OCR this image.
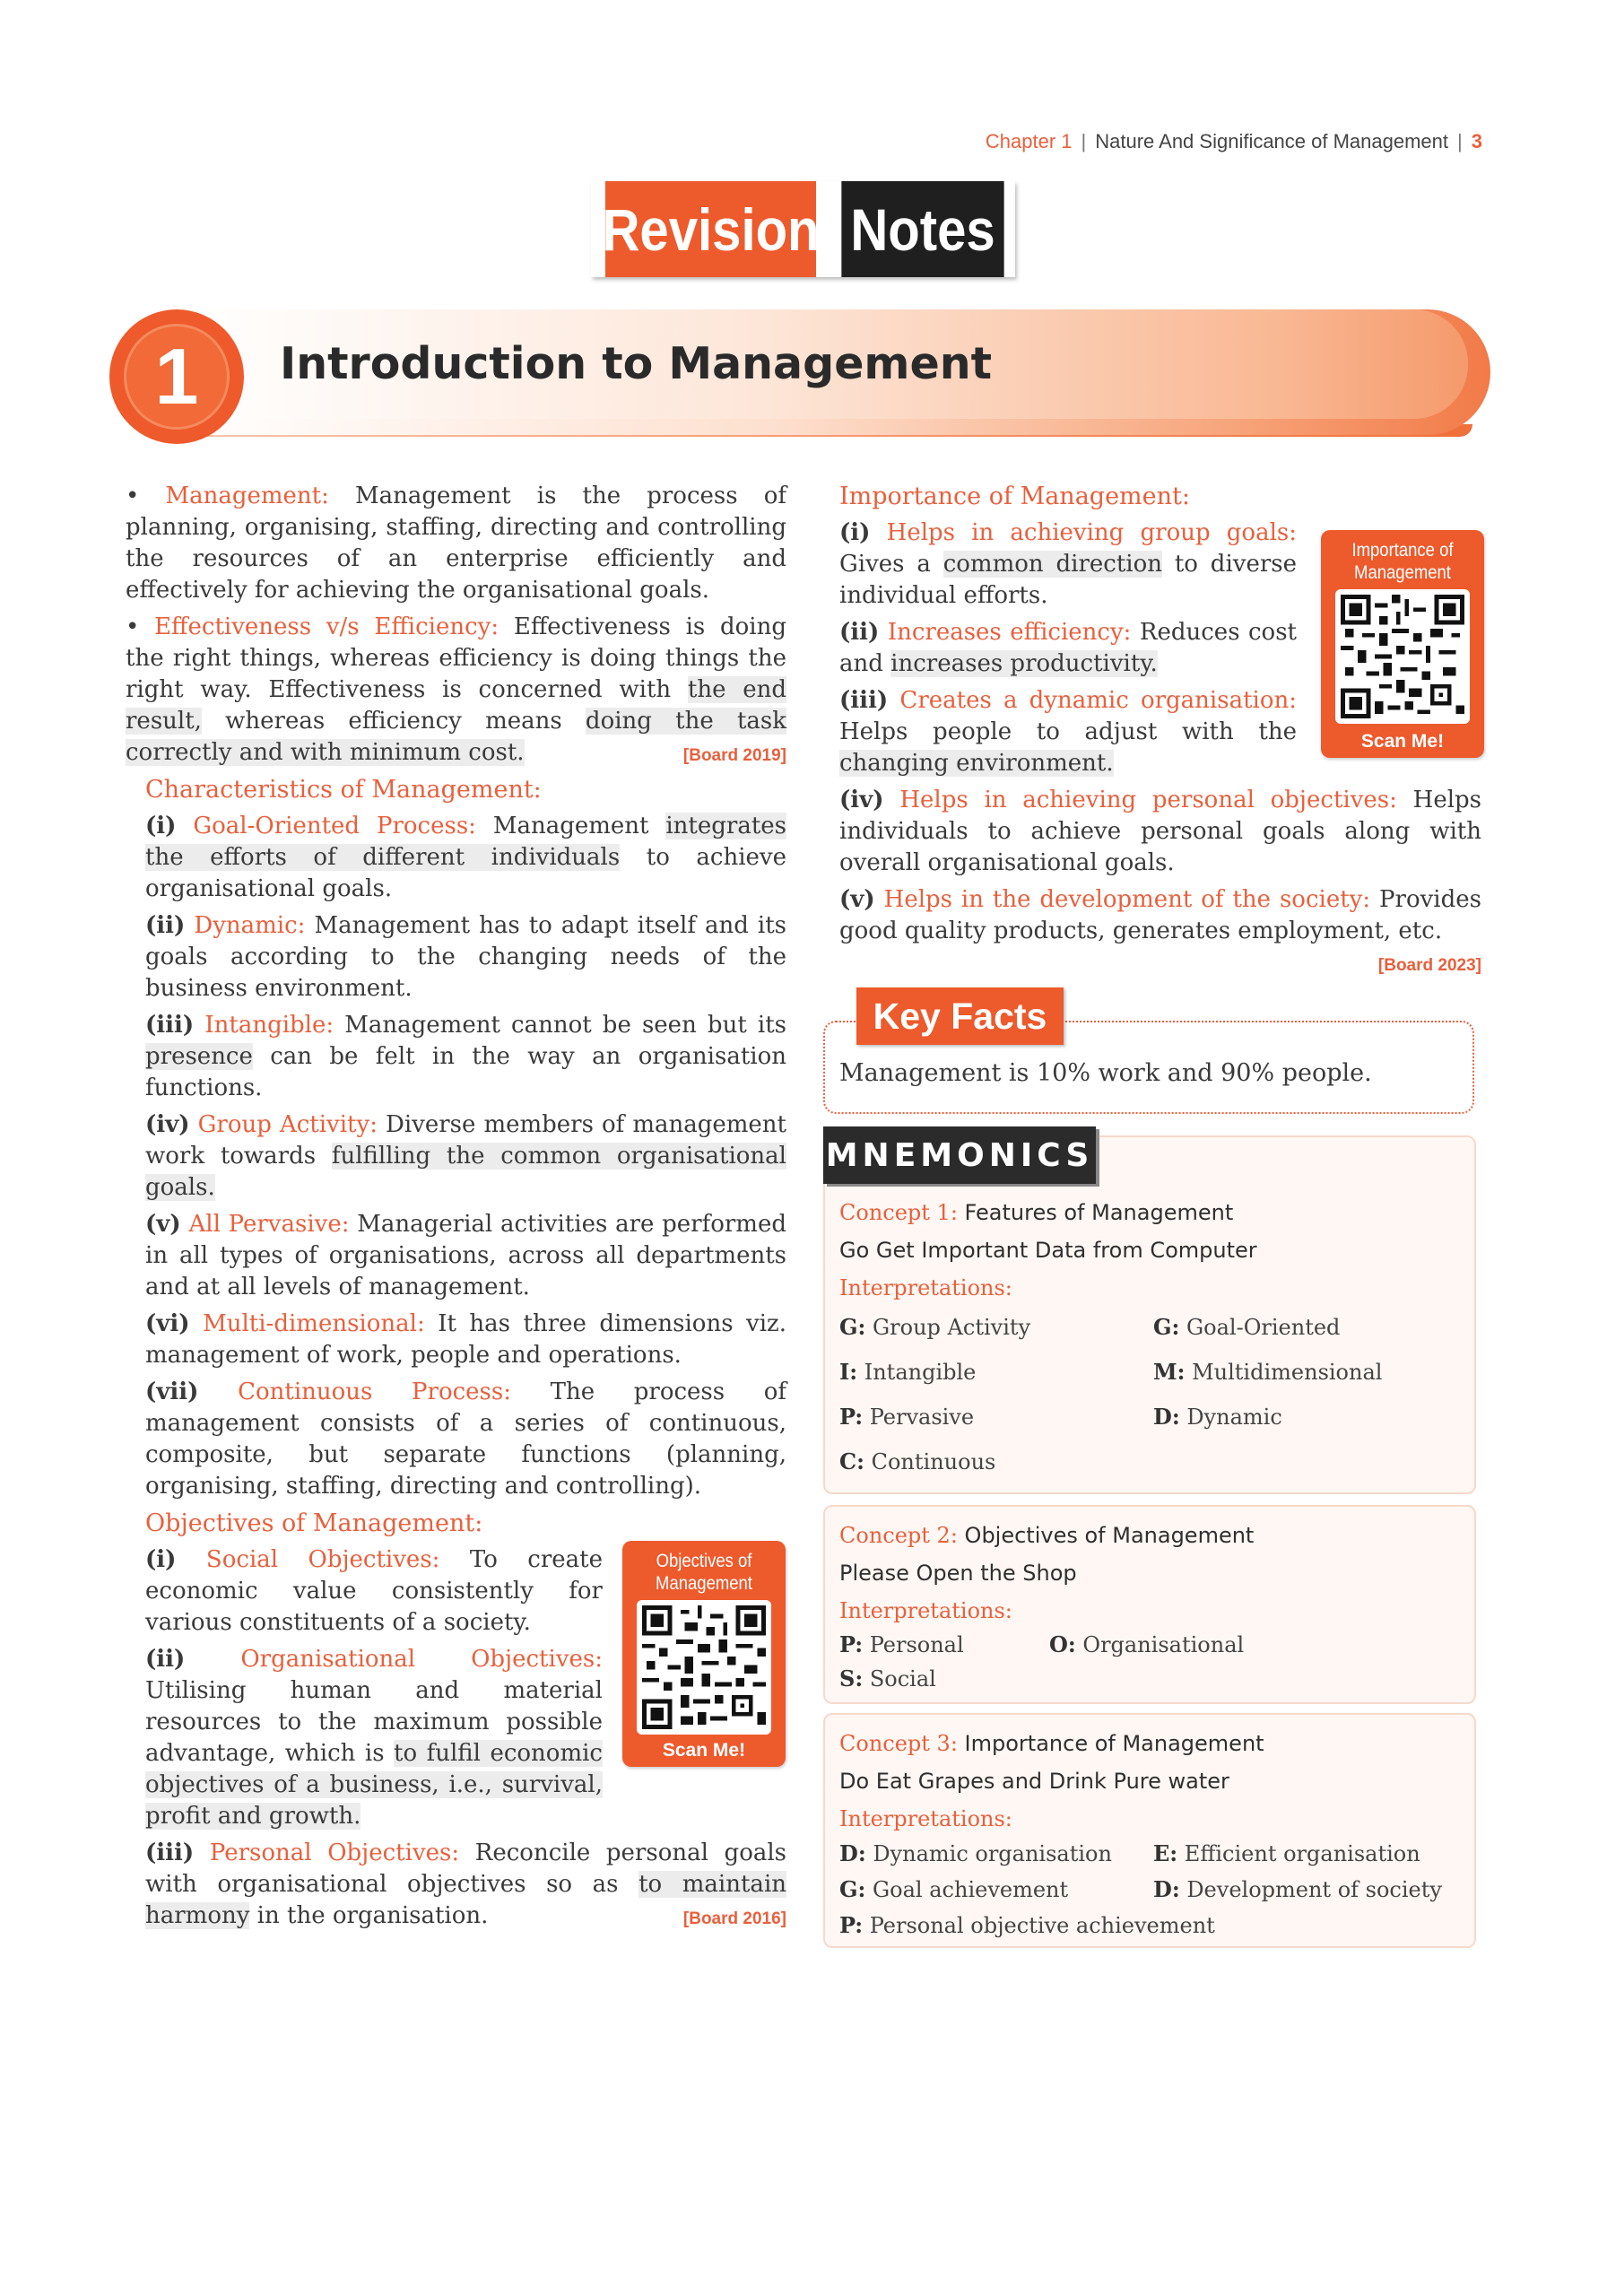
Chapter 1 | Nature And Significance of Management | 3
Revision Notes
1	Introduction to Management

• Management: Management is the process of planning, organising, staffing, directing and controlling the resources of an enterprise efficiently and effectively for achieving the organisational goals.

• Effectiveness v/s Efficiency: Effectiveness is doing the right things, whereas efficiency is doing things the right way. Effectiveness is concerned with the end result, whereas efficiency means doing the task correctly and with minimum cost.	[Board 2019]

Characteristics of Management:

(i) Goal-Oriented Process: Management integrates the efforts of different individuals to achieve organisational goals.

(ii) Dynamic: Management has to adapt itself and its goals according to the changing needs of the business environment.

(iii) Intangible: Management cannot be seen but its presence can be felt in the way an organisation functions.

(iv) Group Activity: Diverse members of management work towards fulfilling the common organisational goals.

(v) All Pervasive: Managerial activities are performed in all types of organisations, across all departments and at all levels of management.

(vi) Multi-dimensional: It has three dimensions viz. management of work, people and operations.

(vii) Continuous Process: The process of management consists of a series of continuous, composite, but separate functions (planning, organising, staffing, directing and controlling).

Objectives of Management:

(i) Social Objectives: To create economic value consistently for various constituents of a society.

(ii) Organisational Objectives: Utilising human and material resources to the maximum possible advantage, which is to fulfil economic objectives of a business, i.e., survival, profit and growth.

(iii) Personal Objectives: Reconcile personal goals with organisational objectives so as to maintain harmony in the organisation.	[Board 2016]

Objectives of
Management
Scan Me!
Importance of Management:

(i) Helps in achieving group goals: Gives a common direction to diverse individual efforts.

(ii) Increases efficiency: Reduces cost and increases productivity.

(iii) Creates a dynamic organisation: Helps people to adjust with the changing environment.

(iv) Helps in achieving personal objectives: Helps individuals to achieve personal goals along with overall organisational goals.

(v) Helps in the development of the society: Provides good quality products, generates employment, etc.

[Board 2023]

Importance of
Management
Scan Me!
Key Facts
Management is 10% work and 90% people.
Concept 1: Features of Management
Go Get Important Data from Computer
Interpretations:
G: Group Activity	G: Goal-Oriented
I: Intangible	M: Multidimensional
P: Pervasive	D: Dynamic
C: Continuous
MNEMONICS
Concept 2: Objectives of Management
Please Open the Shop
Interpretations:
P: Personal	O: Organisational
S: Social
Concept 3: Importance of Management
Do Eat Grapes and Drink Pure water
Interpretations:
D: Dynamic organisation	E: Efficient organisation
G: Goal achievement	D: Development of society
P: Personal objective achievement
